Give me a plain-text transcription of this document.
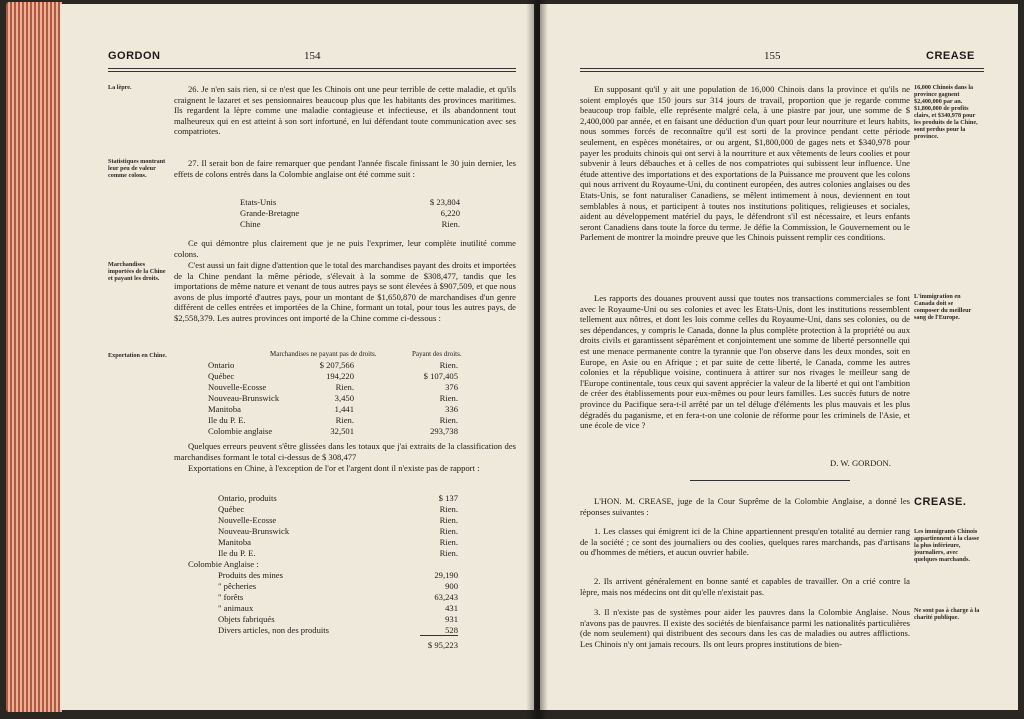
GORDON	154
La lèpre.
Statistiques montrant leur peu de valeur comme colons.
Marchandises importées de la Chine et payant les droits.
Exportation en Chine.
26. Je n'en sais rien, si ce n'est que les Chinois ont une peur terrible de cette maladie, et qu'ils craignent le lazaret et ses pensionnaires beaucoup plus que les habitants des provinces maritimes. Ils regardent la lèpre comme une maladie contagieuse et infectieuse, et ils abandonnent tout malheureux qui en est atteint à son sort infortuné, en lui défendant toute communication avec ses compatriotes.
27. Il serait bon de faire remarquer que pendant l'année fiscale finissant le 30 juin dernier, les effets de colons entrés dans la Colombie anglaise ont été comme suit :
Etats-Unis	$ 23,804
Grande-Bretagne	6,220
Chine	Rien.
Ce qui démontre plus clairement que je ne puis l'exprimer, leur complète inutilité comme colons.
C'est aussi un fait digne d'attention que le total des marchandises payant des droits et importées de la Chine pendant la même période, s'élevait à la somme de $308,477, tandis que les importations de même nature et venant de tous autres pays se sont élevées à $907,509, et que nous avons de plus importé d'autres pays, pour un montant de $1,650,870 de marchandises d'un genre différent de celles entrées et importées de la Chine, formant un total, pour tous les autres pays, de $2,558,379. Les autres provinces ont importé de la Chine comme ci-dessous :
Marchandises ne payant pas de droits.	Payant des droits.
Ontario	$ 207,566	Rien.
Québec	194,220	$ 107,405
Nouvelle-Ecosse	Rien.	376
Nouveau-Brunswick	3,450	Rien.
Manitoba	1,441	336
Ile du P. E.	Rien.	Rien.
Colombie anglaise	32,501	293,738
Quelques erreurs peuvent s'être glissées dans les totaux que j'ai extraits de la classification des marchandises formant le total ci-dessus de $ 308,477
Exportations en Chine, à l'exception de l'or et l'argent dont il n'existe pas de rapport :
Ontario, produits	$ 137
Québec	Rien.
Nouvelle-Ecosse	Rien.
Nouveau-Brunswick	Rien.
Manitoba	Rien.
Ile du P. E.	Rien.
Colombie Anglaise :
Produits des mines	29,190
" pêcheries	900
" forêts	63,243
" animaux	431
Objets fabriqués	931
Divers articles, non des produits	528
$ 95,223
155	CREASE
En supposant qu'il y ait une population de 16,000 Chinois dans la province et qu'ils ne soient employés que 150 jours sur 314 jours de travail, proportion que je regarde comme beaucoup trop faible, elle représente malgré cela, à une piastre par jour, une somme de $ 2,400,000 par année, et en faisant une déduction d'un quart pour leur nourriture et leurs habits, nous sommes forcés de reconnaître qu'il est sorti de la province pendant cette période seulement, en espèces monétaires, or ou argent, $1,800,000 de gages nets et $340,978 pour payer les produits chinois qui ont servi à la nourriture et aux vêtements de leurs coolies et pour subvenir à leurs débauches et à celles de nos compatriotes qui subissent leur influence. Une étude attentive des importations et des exportations de la Puissance me prouvent que les colons qui nous arrivent du Royaume-Uni, du continent européen, des autres colonies anglaises ou des Etats-Unis, se font naturaliser Canadiens, se mêlent intimement à nous, deviennent en tout semblables à nous, et participent à toutes nos institutions politiques, religieuses et sociales, aident au développement matériel du pays, le défendront s'il est nécessaire, et leurs enfants seront Canadiens dans toute la force du terme. Je défie la Commission, le Gouvernement ou le Parlement de montrer la moindre preuve que les Chinois puissent remplir ces conditions.
16,000 Chinois dans la province gagnent $2,400,000 par an. $1,800,000 de profits clairs, et $340,978 pour les produits de la Chine, sont perdus pour la province.
Les rapports des douanes prouvent aussi que toutes nos transactions commerciales se font avec le Royaume-Uni ou ses colonies et avec les Etats-Unis, dont les institutions ressemblent tellement aux nôtres, et dont les lois comme celles du Royaume-Uni, dans ses colonies, ou de ses dépendances, y compris le Canada, donne la plus complète protection à la propriété ou aux droits civils et garantissent séparément et conjointement une somme de liberté personnelle qui est une menace permanente contre la tyrannie que l'on observe dans les deux mondes, soit en Europe, en Asie ou en Afrique ; et par suite de cette liberté, le Canada, comme les autres colonies et la république voisine, continuera à attirer sur nos rivages le meilleur sang de l'Europe continentale, tous ceux qui savent apprécier la valeur de la liberté et qui ont l'ambition de créer des établissements pour eux-mêmes ou pour leurs familles. Les succès futurs de notre province du Pacifique sera-t-il arrêté par un tel déluge d'éléments les plus mauvais et les plus dégradés du paganisme, et en fera-t-on une colonie de réforme pour les criminels de l'Asie, et une école de vice ?
L'immigration en Canada doit se composer du meilleur sang de l'Europe.
D. W. GORDON.
L'HON. M. CREASE, juge de la Cour Suprême de la Colombie Anglaise, a donné les réponses suivantes :
CREASE.
1. Les classes qui émigrent ici de la Chine appartiennent presqu'en totalité au dernier rang de la société ; ce sont des journaliers ou des coolies, quelques rares marchands, pas d'artisans ou d'hommes de métiers, et aucun ouvrier habile.
Les immigrants Chinois appartiennent à la classe la plus inférieure, journaliers, avec quelques marchands.
2. Ils arrivent généralement en bonne santé et capables de travailler. On a crié contre la lèpre, mais nos médecins ont dit qu'elle n'existait pas.
3. Il n'existe pas de systèmes pour aider les pauvres dans la Colombie Anglaise. Nous n'avons pas de pauvres. Il existe des sociétés de bienfaisance parmi les nationalités particulières (de nom seulement) qui distribuent des secours dans les cas de maladies ou autres afflictions. Les Chinois n'y ont jamais recours. Ils ont leurs propres institutions de bien-
Ne sont pas à charge à la charité publique.
